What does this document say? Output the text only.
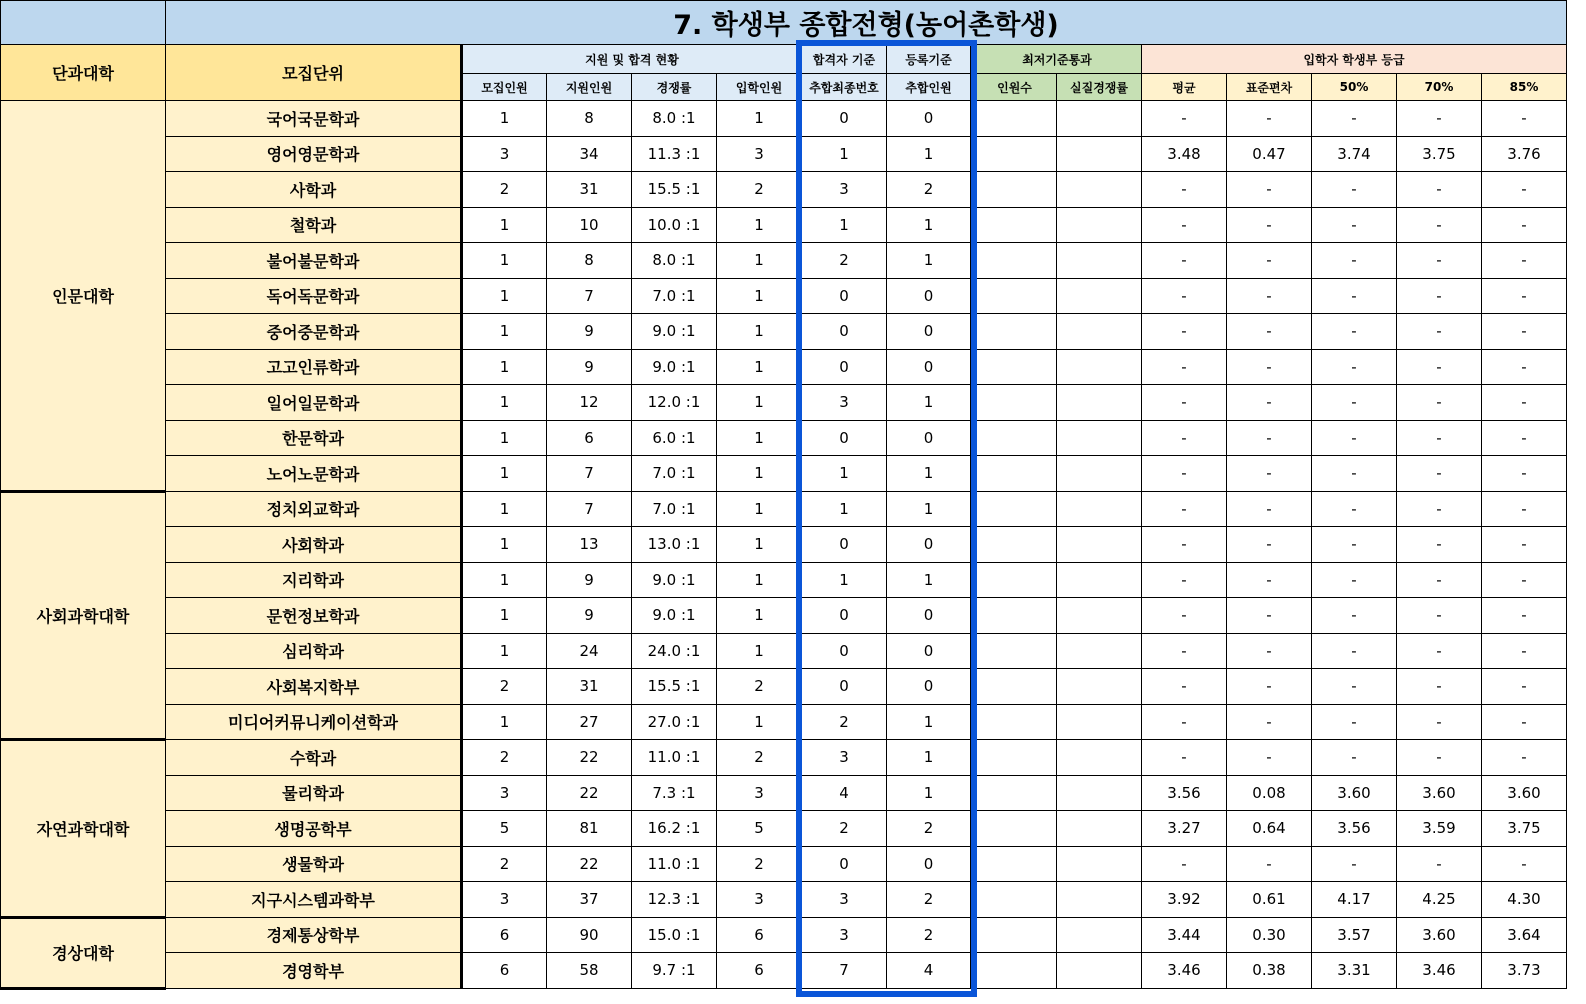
	7. 학생부 종합전형(농어촌학생)													
단과대학	모집단위	지원 및 합격 현황				합격자 기준	등록기준	최저기준통과		입학자 학생부 등급				
		모집인원	지원인원	경쟁률	입학인원	추합최종번호	추합인원	인원수	실질경쟁률	평균	표준편차	50%	70%	85%
인문대학	국어국문학과	1	8	8.0 :1	1	0	0			-	-	-	-	-
	영어영문학과	3	34	11.3 :1	3	1	1			3.48	0.47	3.74	3.75	3.76
	사학과	2	31	15.5 :1	2	3	2			-	-	-	-	-
	철학과	1	10	10.0 :1	1	1	1			-	-	-	-	-
	불어불문학과	1	8	8.0 :1	1	2	1			-	-	-	-	-
	독어독문학과	1	7	7.0 :1	1	0	0			-	-	-	-	-
	중어중문학과	1	9	9.0 :1	1	0	0			-	-	-	-	-
	고고인류학과	1	9	9.0 :1	1	0	0			-	-	-	-	-
	일어일문학과	1	12	12.0 :1	1	3	1			-	-	-	-	-
	한문학과	1	6	6.0 :1	1	0	0			-	-	-	-	-
	노어노문학과	1	7	7.0 :1	1	1	1			-	-	-	-	-
사회과학대학	정치외교학과	1	7	7.0 :1	1	1	1			-	-	-	-	-
	사회학과	1	13	13.0 :1	1	0	0			-	-	-	-	-
	지리학과	1	9	9.0 :1	1	1	1			-	-	-	-	-
	문헌정보학과	1	9	9.0 :1	1	0	0			-	-	-	-	-
	심리학과	1	24	24.0 :1	1	0	0			-	-	-	-	-
	사회복지학부	2	31	15.5 :1	2	0	0			-	-	-	-	-
	미디어커뮤니케이션학과	1	27	27.0 :1	1	2	1			-	-	-	-	-
자연과학대학	수학과	2	22	11.0 :1	2	3	1			-	-	-	-	-
	물리학과	3	22	7.3 :1	3	4	1			3.56	0.08	3.60	3.60	3.60
	생명공학부	5	81	16.2 :1	5	2	2			3.27	0.64	3.56	3.59	3.75
	생물학과	2	22	11.0 :1	2	0	0			-	-	-	-	-
	지구시스템과학부	3	37	12.3 :1	3	3	2			3.92	0.61	4.17	4.25	4.30
경상대학	경제통상학부	6	90	15.0 :1	6	3	2			3.44	0.30	3.57	3.60	3.64
	경영학부	6	58	9.7 :1	6	7	4			3.46	0.38	3.31	3.46	3.73
